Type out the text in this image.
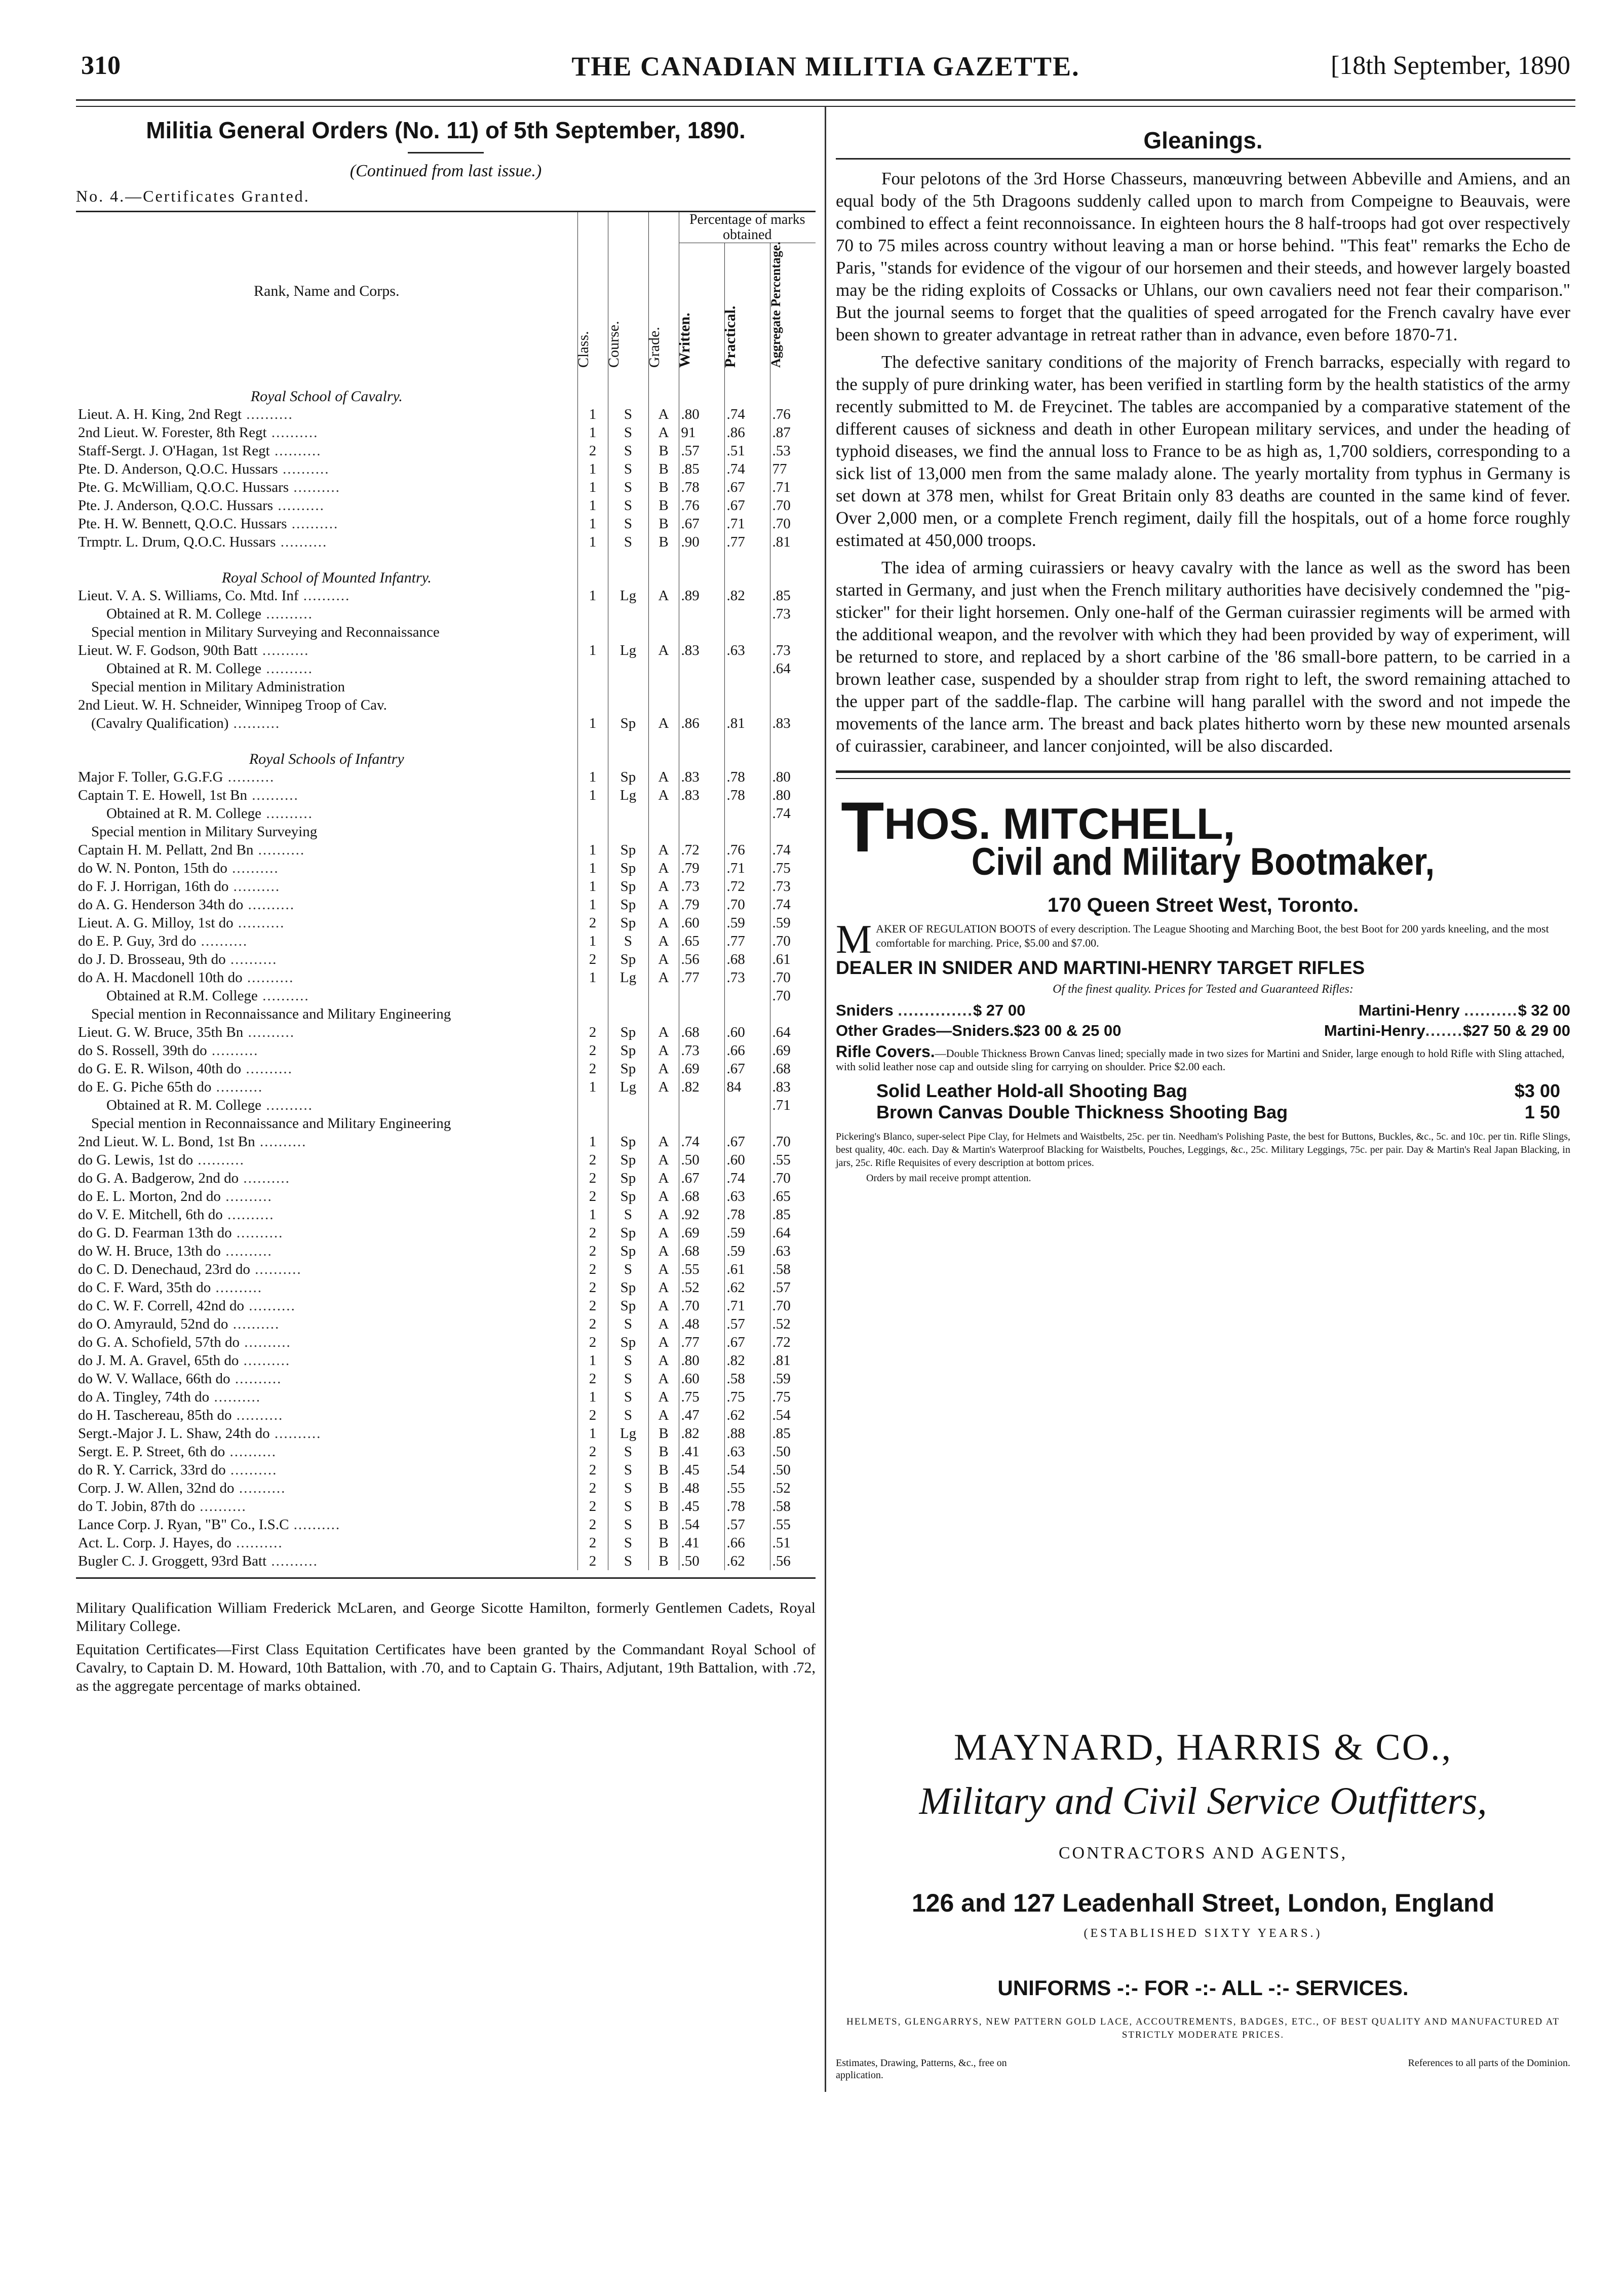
310	THE CANADIAN MILITIA GAZETTE.	[18th September, 1890
Militia General Orders (No. 11) of 5th September, 1890.
(Continued from last issue.)
No. 4.—Certificates Granted.
Rank, Name and Corps.	Class.	Course.	Grade.	Percentage of marks obtained		
				Written.	Practical.	Aggregate Percentage.
Royal School of Cavalry.						
Lieut. A. H. King, 2nd Regt ..........	1	S	A	.80	.74	.76
2nd Lieut. W. Forester, 8th Regt ..........	1	S	A	91	.86	.87
Staff-Sergt. J. O'Hagan, 1st Regt ..........	2	S	B	.57	.51	.53
Pte. D. Anderson, Q.O.C. Hussars ..........	1	S	B	.85	.74	77
Pte. G. McWilliam, Q.O.C. Hussars ..........	1	S	B	.78	.67	.71
Pte. J. Anderson, Q.O.C. Hussars ..........	1	S	B	.76	.67	.70
Pte. H. W. Bennett, Q.O.C. Hussars ..........	1	S	B	.67	.71	.70
Trmptr. L. Drum, Q.O.C. Hussars ..........	1	S	B	.90	.77	.81
Royal School of Mounted Infantry.						
Lieut. V. A. S. Williams, Co. Mtd. Inf ..........	1	Lg	A	.89	.82	.85
Obtained at R. M. College ..........						.73
Special mention in Military Surveying and Reconnaissance						
Lieut. W. F. Godson, 90th Batt ..........	1	Lg	A	.83	.63	.73
Obtained at R. M. College ..........						.64
Special mention in Military Administration						
2nd Lieut. W. H. Schneider, Winnipeg Troop of Cav.						
(Cavalry Qualification) ..........	1	Sp	A	.86	.81	.83
Royal Schools of Infantry						
Major F. Toller, G.G.F.G ..........	1	Sp	A	.83	.78	.80
Captain T. E. Howell, 1st Bn ..........	1	Lg	A	.83	.78	.80
Obtained at R. M. College ..........						.74
Special mention in Military Surveying						
Captain H. M. Pellatt, 2nd Bn ..........	1	Sp	A	.72	.76	.74
do W. N. Ponton, 15th do ..........	1	Sp	A	.79	.71	.75
do F. J. Horrigan, 16th do ..........	1	Sp	A	.73	.72	.73
do A. G. Henderson 34th do ..........	1	Sp	A	.79	.70	.74
Lieut. A. G. Milloy, 1st do ..........	2	Sp	A	.60	.59	.59
do E. P. Guy, 3rd do ..........	1	S	A	.65	.77	.70
do J. D. Brosseau, 9th do ..........	2	Sp	A	.56	.68	.61
do A. H. Macdonell 10th do ..........	1	Lg	A	.77	.73	.70
Obtained at R.M. College ..........						.70
Special mention in Reconnaissance and Military Engineering						
Lieut. G. W. Bruce, 35th Bn ..........	2	Sp	A	.68	.60	.64
do S. Rossell, 39th do ..........	2	Sp	A	.73	.66	.69
do G. E. R. Wilson, 40th do ..........	2	Sp	A	.69	.67	.68
do E. G. Piche 65th do ..........	1	Lg	A	.82	84	.83
Obtained at R. M. College ..........						.71
Special mention in Reconnaissance and Military Engineering						
2nd Lieut. W. L. Bond, 1st Bn ..........	1	Sp	A	.74	.67	.70
do G. Lewis, 1st do ..........	2	Sp	A	.50	.60	.55
do G. A. Badgerow, 2nd do ..........	2	Sp	A	.67	.74	.70
do E. L. Morton, 2nd do ..........	2	Sp	A	.68	.63	.65
do V. E. Mitchell, 6th do ..........	1	S	A	.92	.78	.85
do G. D. Fearman 13th do ..........	2	Sp	A	.69	.59	.64
do W. H. Bruce, 13th do ..........	2	Sp	A	.68	.59	.63
do C. D. Denechaud, 23rd do ..........	2	S	A	.55	.61	.58
do C. F. Ward, 35th do ..........	2	Sp	A	.52	.62	.57
do C. W. F. Correll, 42nd do ..........	2	Sp	A	.70	.71	.70
do O. Amyrauld, 52nd do ..........	2	S	A	.48	.57	.52
do G. A. Schofield, 57th do ..........	2	Sp	A	.77	.67	.72
do J. M. A. Gravel, 65th do ..........	1	S	A	.80	.82	.81
do W. V. Wallace, 66th do ..........	2	S	A	.60	.58	.59
do A. Tingley, 74th do ..........	1	S	A	.75	.75	.75
do H. Taschereau, 85th do ..........	2	S	A	.47	.62	.54
Sergt.-Major J. L. Shaw, 24th do ..........	1	Lg	B	.82	.88	.85
Sergt. E. P. Street, 6th do ..........	2	S	B	.41	.63	.50
do R. Y. Carrick, 33rd do ..........	2	S	B	.45	.54	.50
Corp. J. W. Allen, 32nd do ..........	2	S	B	.48	.55	.52
do T. Jobin, 87th do ..........	2	S	B	.45	.78	.58
Lance Corp. J. Ryan, "B" Co., I.S.C ..........	2	S	B	.54	.57	.55
Act. L. Corp. J. Hayes, do ..........	2	S	B	.41	.66	.51
Bugler C. J. Groggett, 93rd Batt ..........	2	S	B	.50	.62	.56
Military Qualification William Frederick McLaren, and George Sicotte Hamilton, formerly Gentlemen Cadets, Royal Military College.
Equitation Certificates—First Class Equitation Certificates have been granted by the Commandant Royal School of Cavalry, to Captain D. M. Howard, 10th Battalion, with .70, and to Captain G. Thairs, Adjutant, 19th Battalion, with .72, as the aggregate percentage of marks obtained.
Gleanings.

Four pelotons of the 3rd Horse Chasseurs, manœuvring between Abbeville and Amiens, and an equal body of the 5th Dragoons suddenly called upon to march from Compeigne to Beauvais, were combined to effect a feint reconnoissance. In eighteen hours the 8 half-troops had got over respectively 70 to 75 miles across country without leaving a man or horse behind. "This feat" remarks the Echo de Paris, "stands for evidence of the vigour of our horsemen and their steeds, and however largely boasted may be the riding exploits of Cossacks or Uhlans, our own cavaliers need not fear their comparison." But the journal seems to forget that the qualities of speed arrogated for the French cavalry have ever been shown to greater advantage in retreat rather than in advance, even before 1870-71.

The defective sanitary conditions of the majority of French barracks, especially with regard to the supply of pure drinking water, has been verified in startling form by the health statistics of the army recently submitted to M. de Freycinet. The tables are accompanied by a comparative statement of the different causes of sickness and death in other European military services, and under the heading of typhoid diseases, we find the annual loss to France to be as high as, 1,700 soldiers, corresponding to a sick list of 13,000 men from the same malady alone. The yearly mortality from typhus in Germany is set down at 378 men, whilst for Great Britain only 83 deaths are counted in the same kind of fever. Over 2,000 men, or a complete French regiment, daily fill the hospitals, out of a home force roughly estimated at 450,000 troops.

The idea of arming cuirassiers or heavy cavalry with the lance as well as the sword has been started in Germany, and just when the French military authorities have decisively condemned the "pig-sticker" for their light horsemen. Only one-half of the German cuirassier regiments will be armed with the additional weapon, and the revolver with which they had been provided by way of experiment, will be returned to store, and replaced by a short carbine of the '86 small-bore pattern, to be carried in a brown leather case, suspended by a shoulder strap from right to left, the sword remaining attached to the upper part of the saddle-flap. The carbine will hang parallel with the sword and not impede the movements of the lance arm. The breast and back plates hitherto worn by these new mounted arsenals of cuirassier, carabineer, and lancer conjointed, will be also discarded.

THOS. MITCHELL,
Civil and Military Bootmaker,
170 Queen Street West, Toronto.
M AKER OF REGULATION BOOTS of every description. The League Shooting and Marching Boot, the best Boot for 200 yards kneeling, and the most comfortable for marching. Price, $5.00 and $7.00.
DEALER IN SNIDER AND MARTINI-HENRY TARGET RIFLES
Of the finest quality. Prices for Tested and Guaranteed Rifles:
Sniders ..............$ 27 00	Martini-Henry ..........$ 32 00
Other Grades—Sniders.$23 00 & 25 00	Martini-Henry.......$27 50 & 29 00
Rifle Covers.—Double Thickness Brown Canvas lined; specially made in two sizes for Martini and Snider, large enough to hold Rifle with Sling attached, with solid leather nose cap and outside sling for carrying on shoulder. Price $2.00 each.
Solid Leather Hold-all Shooting Bag	$3 00
Brown Canvas Double Thickness Shooting Bag	1 50
Pickering's Blanco, super-select Pipe Clay, for Helmets and Waistbelts, 25c. per tin. Needham's Polishing Paste, the best for Buttons, Buckles, &c., 5c. and 10c. per tin. Rifle Slings, best quality, 40c. each. Day & Martin's Waterproof Blacking for Waistbelts, Pouches, Leggings, &c., 25c. Military Leggings, 75c. per pair. Day & Martin's Real Japan Blacking, in jars, 25c. Rifle Requisites of every description at bottom prices.
Orders by mail receive prompt attention.
MAYNARD, HARRIS & CO.,
Military and Civil Service Outfitters,
CONTRACTORS AND AGENTS,
126 and 127 Leadenhall Street, London, England
(ESTABLISHED SIXTY YEARS.)
UNIFORMS -:- FOR -:- ALL -:- SERVICES.
HELMETS, GLENGARRYS, NEW PATTERN GOLD LACE, ACCOUTREMENTS, BADGES, ETC., OF BEST QUALITY AND MANUFACTURED AT STRICTLY MODERATE PRICES.
Estimates, Drawing, Patterns, &c., free on application.
References to all parts of the Dominion.
